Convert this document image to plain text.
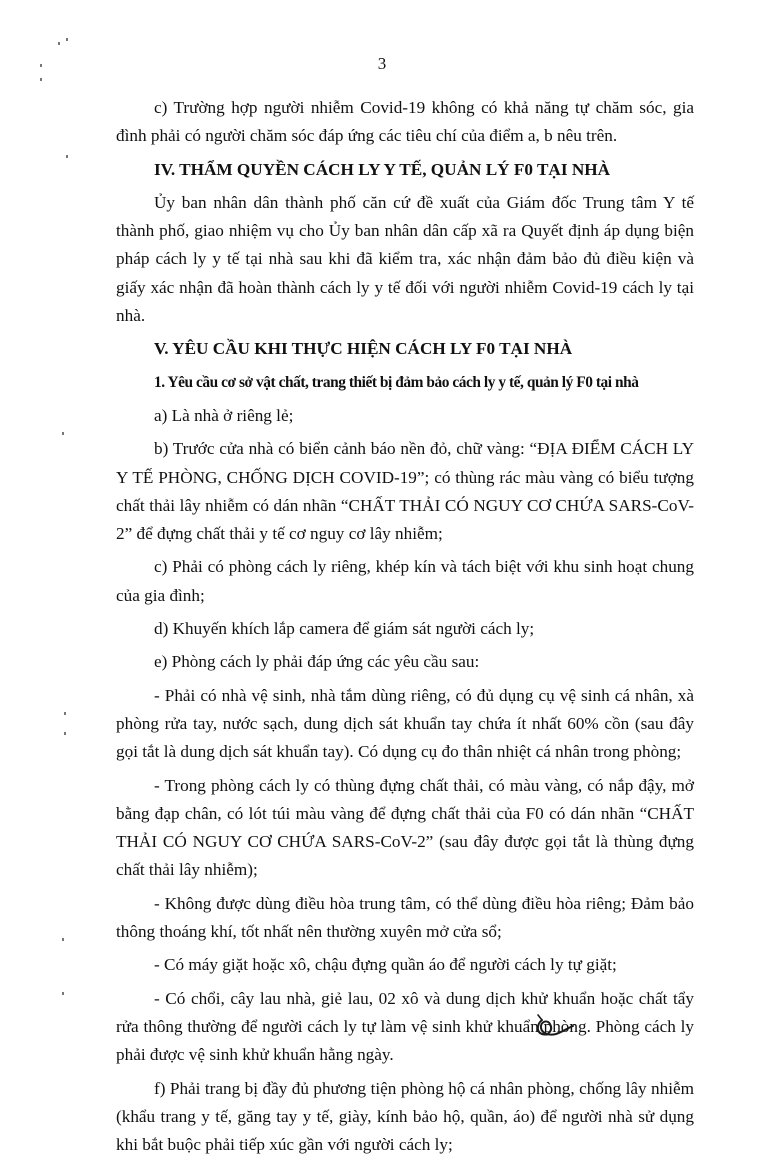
3

c) Trường hợp người nhiễm Covid-19 không có khả năng tự chăm sóc, gia đình phải có người chăm sóc đáp ứng các tiêu chí của điểm a, b nêu trên.

IV. THẨM QUYỀN CÁCH LY Y TẾ, QUẢN LÝ F0 TẠI NHÀ

Ủy ban nhân dân thành phố căn cứ đề xuất của Giám đốc Trung tâm Y tế thành phố, giao nhiệm vụ cho Ủy ban nhân dân cấp xã ra Quyết định áp dụng biện pháp cách ly y tế tại nhà sau khi đã kiểm tra, xác nhận đảm bảo đủ điều kiện và giấy xác nhận đã hoàn thành cách ly y tế đối với người nhiễm Covid-19 cách ly tại nhà.

V. YÊU CẦU KHI THỰC HIỆN CÁCH LY F0 TẠI NHÀ

1. Yêu cầu cơ sở vật chất, trang thiết bị đảm bảo cách ly y tế, quản lý F0 tại nhà

a) Là nhà ở riêng lẻ;

b) Trước cửa nhà có biển cảnh báo nền đỏ, chữ vàng: “ĐỊA ĐIỂM CÁCH LY Y TẾ PHÒNG, CHỐNG DỊCH COVID-19”; có thùng rác màu vàng có biểu tượng chất thải lây nhiễm có dán nhãn “CHẤT THẢI CÓ NGUY CƠ CHỨA SARS-CoV-2” để đựng chất thải y tế cơ nguy cơ lây nhiễm;

c) Phải có phòng cách ly riêng, khép kín và tách biệt với khu sinh hoạt chung của gia đình;

d) Khuyến khích lắp camera để giám sát người cách ly;

e) Phòng cách ly phải đáp ứng các yêu cầu sau:

- Phải có nhà vệ sinh, nhà tắm dùng riêng, có đủ dụng cụ vệ sinh cá nhân, xà phòng rửa tay, nước sạch, dung dịch sát khuẩn tay chứa ít nhất 60% cồn (sau đây gọi tắt là dung dịch sát khuẩn tay). Có dụng cụ đo thân nhiệt cá nhân trong phòng;

- Trong phòng cách ly có thùng đựng chất thải, có màu vàng, có nắp đậy, mở bằng đạp chân, có lót túi màu vàng để đựng chất thải của F0 có dán nhãn “CHẤT THẢI CÓ NGUY CƠ CHỨA SARS-CoV-2” (sau đây được gọi tắt là thùng đựng chất thải lây nhiễm);

- Không được dùng điều hòa trung tâm, có thể dùng điều hòa riêng; Đảm bảo thông thoáng khí, tốt nhất nên thường xuyên mở cửa sổ;

- Có máy giặt hoặc xô, chậu đựng quần áo để người cách ly tự giặt;

- Có chổi, cây lau nhà, giẻ lau, 02 xô và dung dịch khử khuẩn hoặc chất tẩy rửa thông thường để người cách ly tự làm vệ sinh khử khuẩn phòng. Phòng cách ly phải được vệ sinh khử khuẩn hằng ngày.

f) Phải trang bị đầy đủ phương tiện phòng hộ cá nhân phòng, chống lây nhiễm (khẩu trang y tế, găng tay y tế, giày, kính bảo hộ, quần, áo) để người nhà sử dụng khi bắt buộc phải tiếp xúc gần với người cách ly;
